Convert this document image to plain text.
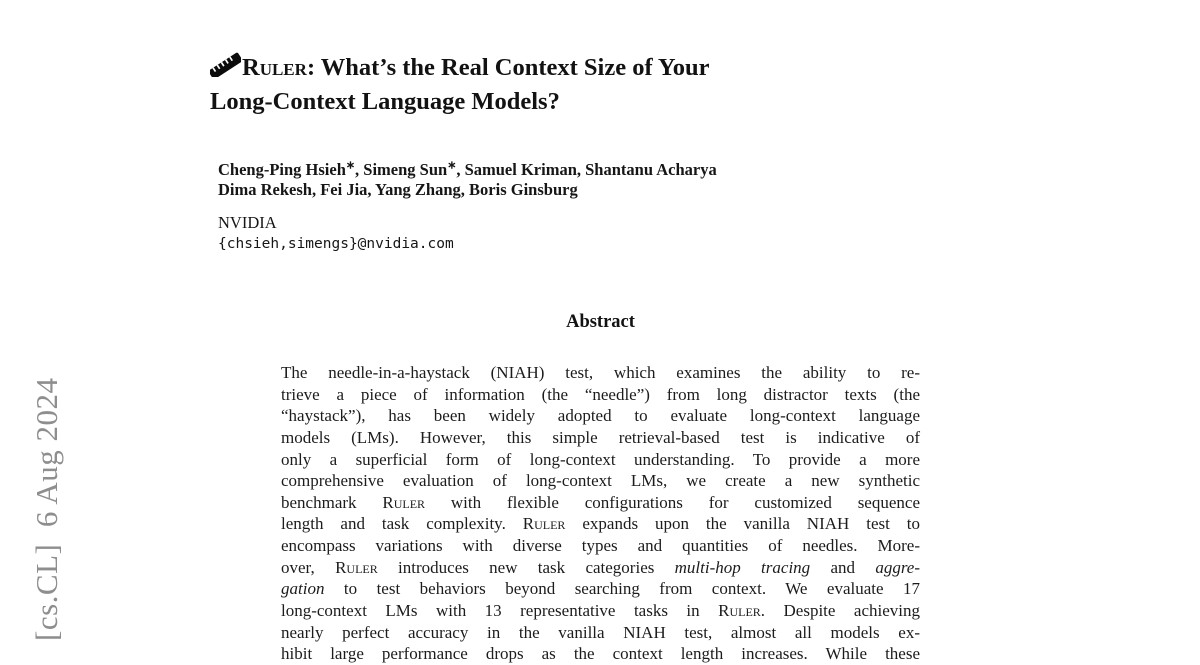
[cs.CL]  6 Aug 2024
Ruler: What’s the Real Context Size of Your
Long-Context Language Models?
Cheng-Ping Hsieh∗, Simeng Sun∗, Samuel Kriman, Shantanu Acharya
Dima Rekesh, Fei Jia, Yang Zhang, Boris Ginsburg
NVIDIA
{chsieh,simengs}@nvidia.com
Abstract
The needle-in-a-haystack (NIAH) test, which examines the ability to re-
trieve a piece of information (the “needle”) from long distractor texts (the
“haystack”), has been widely adopted to evaluate long-context language
models (LMs). However, this simple retrieval-based test is indicative of
only a superficial form of long-context understanding. To provide a more
comprehensive evaluation of long-context LMs, we create a new synthetic
benchmark Ruler with flexible configurations for customized sequence
length and task complexity. Ruler expands upon the vanilla NIAH test to
encompass variations with diverse types and quantities of needles. More-
over, Ruler introduces new task categories multi-hop tracing and aggre-
gation to test behaviors beyond searching from context. We evaluate 17
long-context LMs with 13 representative tasks in Ruler. Despite achieving
nearly perfect accuracy in the vanilla NIAH test, almost all models ex-
hibit large performance drops as the context length increases. While these
